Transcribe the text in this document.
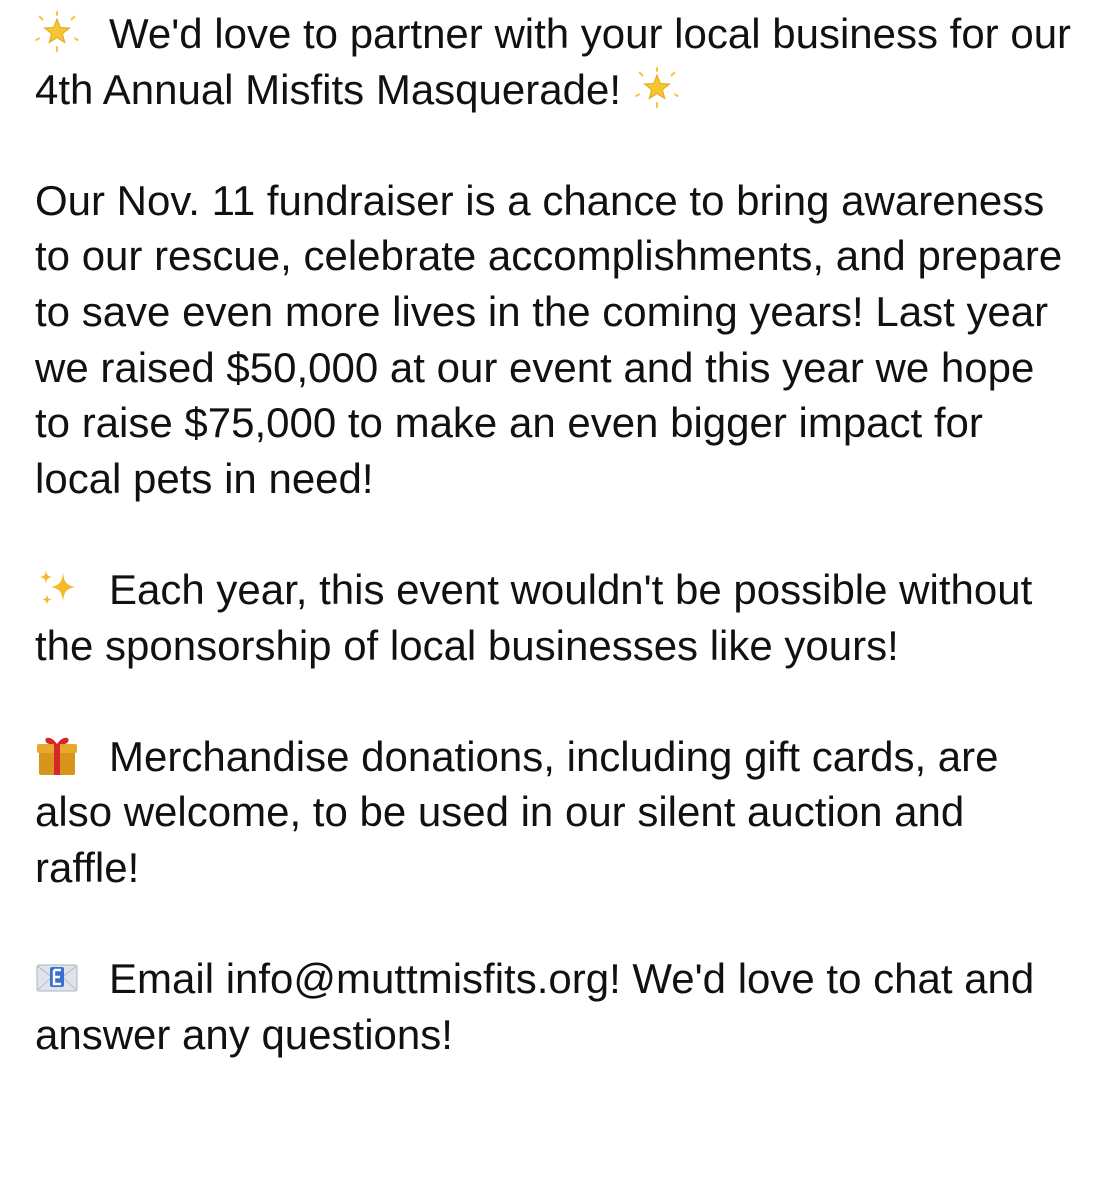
We'd love to partner with your local business for our 4th Annual Misfits Masquerade!

Our Nov. 11 fundraiser is a chance to bring awareness to our rescue, celebrate accomplishments, and prepare to save even more lives in the coming years! Last year we raised $50,000 at our event and this year we hope to raise $75,000 to make an even bigger impact for local pets in need!

Each year, this event wouldn't be possible without the sponsorship of local businesses like yours!

Merchandise donations, including gift cards, are also welcome, to be used in our silent auction and raffle!

Email info@muttmisfits.org! We'd love to chat and answer any questions!
